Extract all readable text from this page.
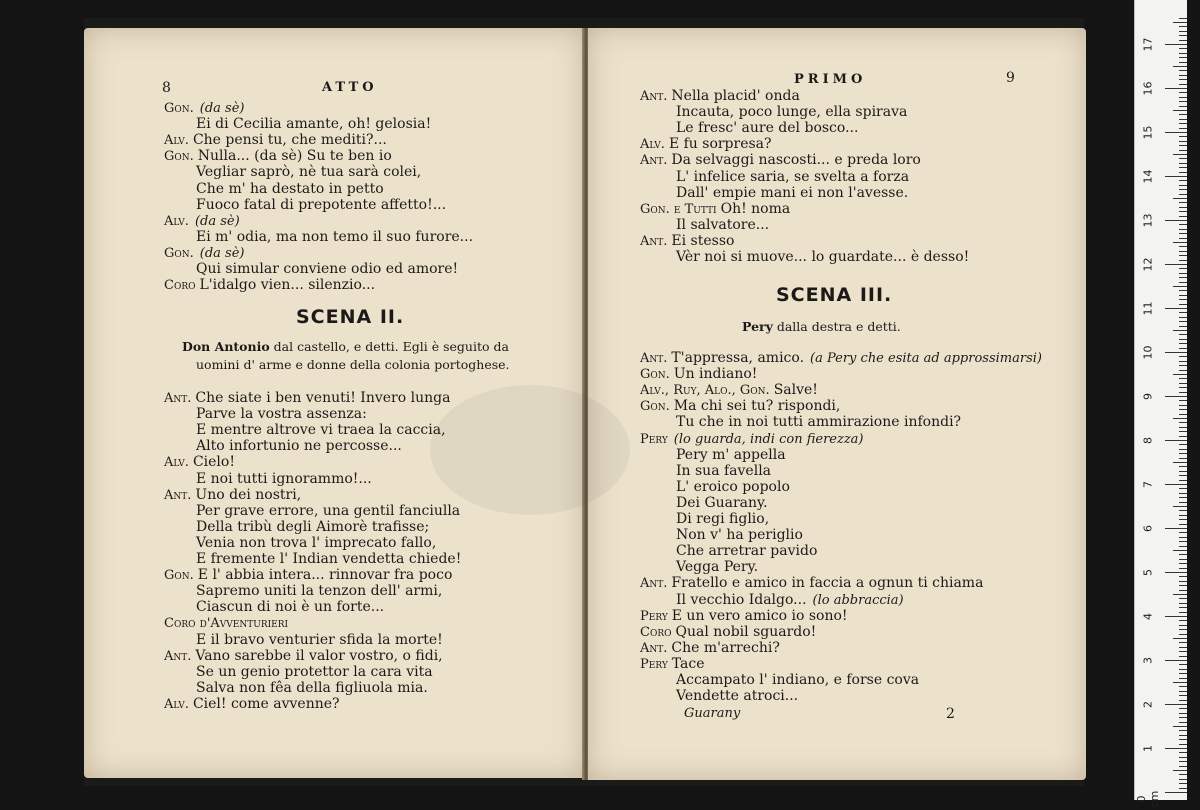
8	ATTO
Gon. (da sè)
Ei di Cecilia amante, oh! gelosia!
Alv. Che pensi tu, che mediti?...
Gon. Nulla... (da sè) Su te ben io
Vegliar saprò, nè tua sarà colei,
Che m' ha destato in petto
Fuoco fatal di prepotente affetto!...
Alv. (da sè)
Ei m' odia, ma non temo il suo furore...
Gon. (da sè)
Qui simular conviene odio ed amore!
Coro L'idalgo vien... silenzio...
SCENA II.
Don Antonio dal castello, e detti. Egli è seguito da
uomini d' arme e donne della colonia portoghese.
Ant. Che siate i ben venuti! Invero lunga
Parve la vostra assenza:
E mentre altrove vi traea la caccia,
Alto infortunio ne percosse...
Alv. Cielo!
E noi tutti ignorammo!...
Ant. Uno dei nostri,
Per grave errore, una gentil fanciulla
Della tribù degli Aimorè trafisse;
Venia non trova l' imprecato fallo,
E fremente l' Indian vendetta chiede!
Gon. E l' abbia intera... rinnovar fra poco
Sapremo uniti la tenzon dell' armi,
Ciascun di noi è un forte...
Coro d'Avventurieri
E il bravo venturier sfida la morte!
Ant. Vano sarebbe il valor vostro, o fidi,
Se un genio protettor la cara vita
Salva non fêa della figliuola mia.
Alv. Ciel! come avvenne?
PRIMO	9
Ant. Nella placid' onda
Incauta, poco lunge, ella spirava
Le fresc' aure del bosco...
Alv. E fu sorpresa?
Ant. Da selvaggi nascosti... e preda loro
L' infelice saria, se svelta a forza
Dall' empie mani ei non l'avesse.
Gon. e Tutti Oh! noma
Il salvatore...
Ant. Ei stesso
Vèr noi si muove... lo guardate... è desso!
SCENA III.
Pery dalla destra e detti.
Ant. T'appressa, amico. (a Pery che esita ad approssimarsi)
Gon. Un indiano!
Alv., Ruy, Alo., Gon. Salve!
Gon. Ma chi sei tu? rispondi,
Tu che in noi tutti ammirazione infondi?
Pery (lo guarda, indi con fierezza)
Pery m' appella
In sua favella
L' eroico popolo
Dei Guarany.
Di regi figlio,
Non v' ha periglio
Che arretrar pavido
Vegga Pery.
Ant. Fratello e amico in faccia a ognun ti chiama
Il vecchio Idalgo... (lo abbraccia)
Pery E un vero amico io sono!
Coro Qual nobil sguardo!
Ant. Che m'arrechi?
Pery Tace
Accampato l' indiano, e forse cova
Vendette atroci...
Guarany	2
17
16
15
14
13
12
11
10
9
8
7
6
5
4
3
2
1
0 cm
